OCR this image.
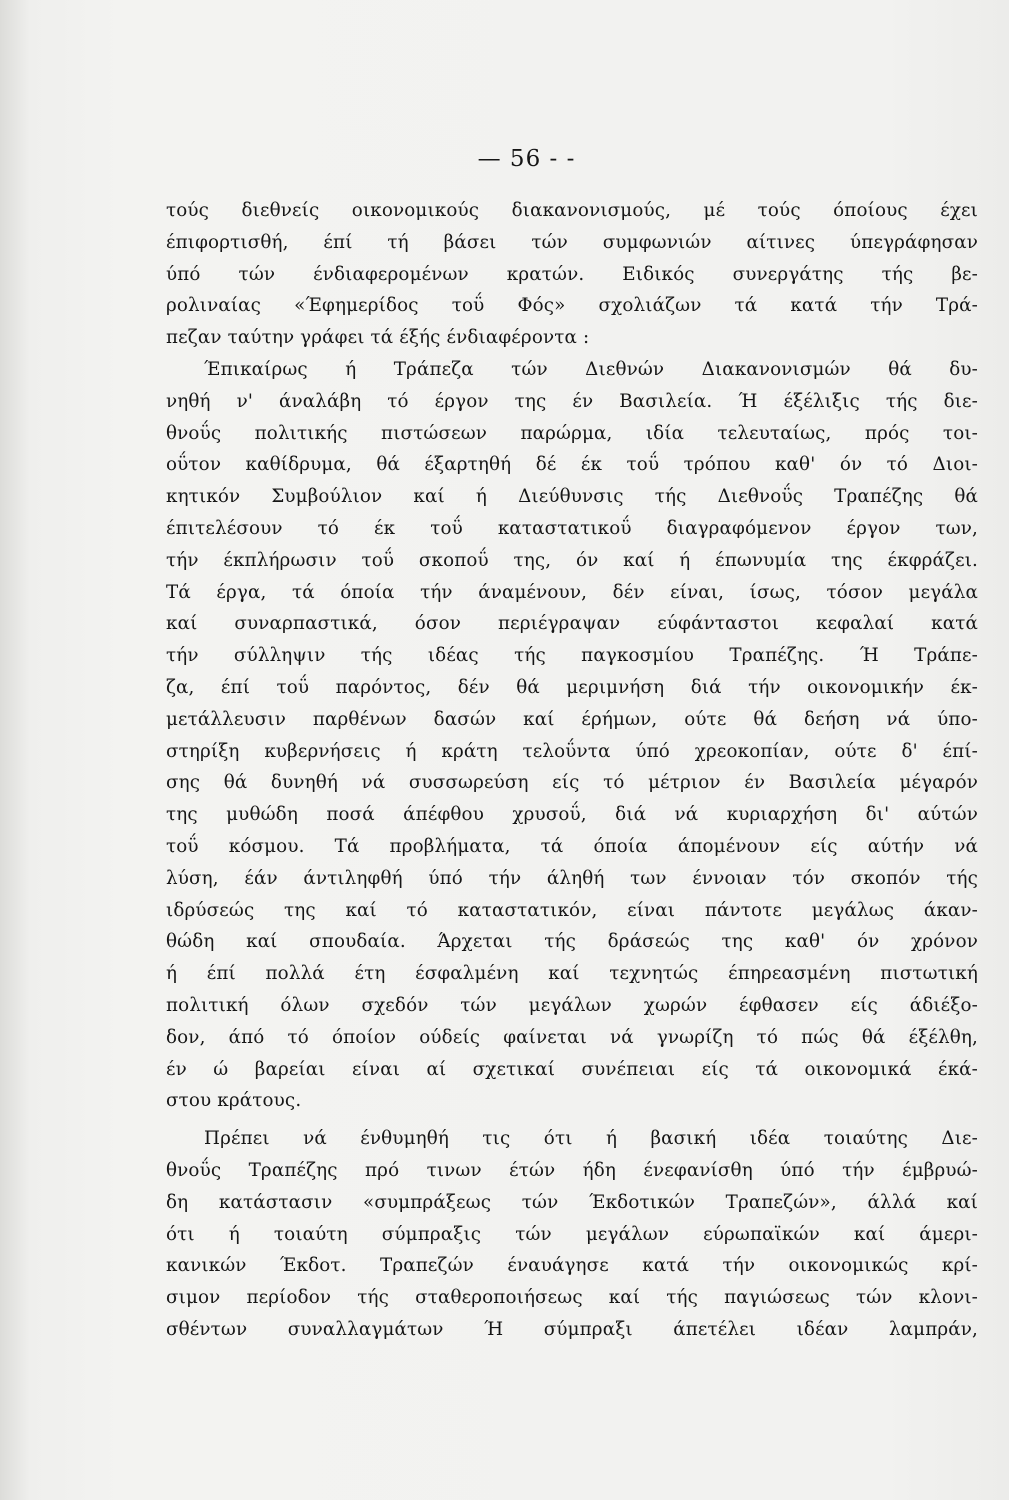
— 56 - -
τούς διεθνείς οικονομικούς διακανονισμούς, μέ τούς όποίους έχει
έπιφορτισθή, έπί τή βάσει τών συμφωνιών αίτινες ύπεγράφησαν
ύπό τών ένδιαφερομένων κρατών. Ειδικός συνεργάτης τής βε-
ρολιναίας «Έφημερίδος τοΰ Φός» σχολιάζων τά κατά τήν Τρά-
πεζαν ταύτην γράφει τά έξής ένδιαφέροντα :
Έπικαίρως ή Τράπεζα τών Διεθνών Διακανονισμών θά δυ-
νηθή ν' άναλάβη τό έργον της έν Βασιλεία. Ή έξέλιξις τής διε-
θνοΰς πολιτικής πιστώσεων παρώρμα, ιδία τελευταίως, πρός τοι-
οΰτον καθίδρυμα, θά έξαρτηθή δέ έκ τοΰ τρόπου καθ' όν τό Διοι-
κητικόν Συμβούλιον καί ή Διεύθυνσις τής Διεθνοΰς Τραπέζης θά
έπιτελέσουν τό έκ τοΰ καταστατικοΰ διαγραφόμενον έργον των,
τήν έκπλήρωσιν τοΰ σκοποΰ της, όν καί ή έπωνυμία της έκφράζει.
Τά έργα, τά όποία τήν άναμένουν, δέν είναι, ίσως, τόσον μεγάλα
καί συναρπαστικά, όσον περιέγραψαν εύφάνταστοι κεφαλαί κατά
τήν σύλληψιν τής ιδέας τής παγκοσμίου Τραπέζης. Ή Τράπε-
ζα, έπί τοΰ παρόντος, δέν θά μεριμνήση διά τήν οικονομικήν έκ-
μετάλλευσιν παρθένων δασών καί έρήμων, ούτε θά δεήση νά ύπο-
στηρίξη κυβερνήσεις ή κράτη τελοΰντα ύπό χρεοκοπίαν, ούτε δ' έπί-
σης θά δυνηθή νά συσσωρεύση είς τό μέτριον έν Βασιλεία μέγαρόν
της μυθώδη ποσά άπέφθου χρυσοΰ, διά νά κυριαρχήση δι' αύτών
τοΰ κόσμου. Τά προβλήματα, τά όποία άπομένουν είς αύτήν νά
λύση, έάν άντιληφθή ύπό τήν άληθή των έννοιαν τόν σκοπόν τής
ιδρύσεώς της καί τό καταστατικόν, είναι πάντοτε μεγάλως άκαν-
θώδη καί σπουδαία. Άρχεται τής δράσεώς της καθ' όν χρόνον
ή έπί πολλά έτη έσφαλμένη καί τεχνητώς έπηρεασμένη πιστωτική
πολιτική όλων σχεδόν τών μεγάλων χωρών έφθασεν είς άδιέξο-
δον, άπό τό όποίον ούδείς φαίνεται νά γνωρίζη τό πώς θά έξέλθη,
έν ώ βαρείαι είναι αί σχετικαί συνέπειαι είς τά οικονομικά έκά-
στου κράτους.
Πρέπει νά ένθυμηθή τις ότι ή βασική ιδέα τοιαύτης Διε-
θνοΰς Τραπέζης πρό τινων έτών ήδη ένεφανίσθη ύπό τήν έμβρυώ-
δη κατάστασιν «συμπράξεως τών Έκδοτικών Τραπεζών», άλλά καί
ότι ή τοιαύτη σύμπραξις τών μεγάλων εύρωπαϊκών καί άμερι-
κανικών Έκδοτ. Τραπεζών έναυάγησε κατά τήν οικονομικώς κρί-
σιμον περίοδον τής σταθεροποιήσεως καί τής παγιώσεως τών κλονι-
σθέντων συναλλαγμάτων Ή σύμπραξι άπετέλει ιδέαν λαμπράν,
